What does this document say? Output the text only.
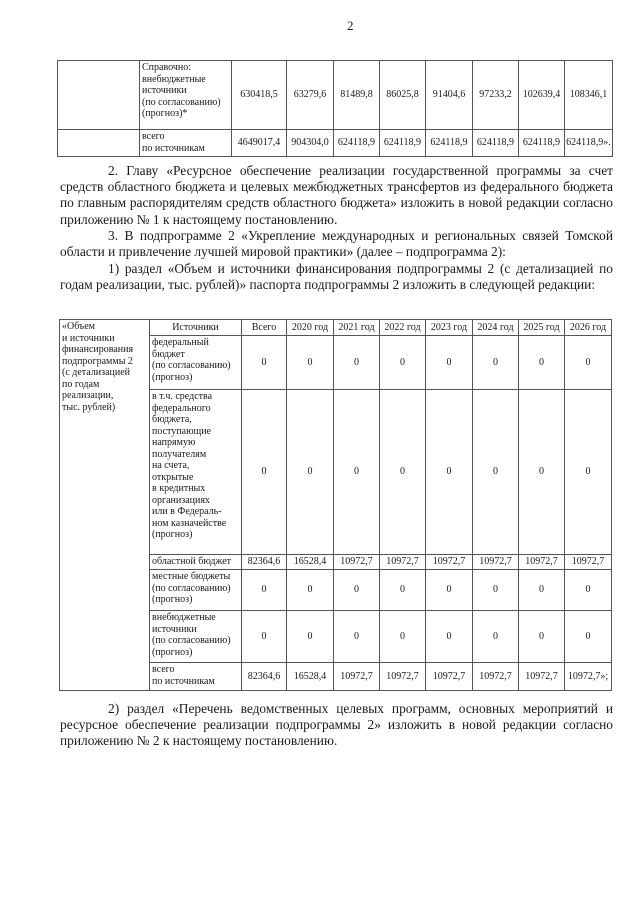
2

	Справочно:
внебюджетные
источники
(по согласованию)
(прогноз)*	630418,5	63279,6	81489,8	86025,8	91404,6	97233,2	102639,4	108346,1

	всего
по источникам	4649017,4	904304,0	624118,9	624118,9	624118,9	624118,9	624118,9	624118,9».
2. Главу «Ресурсное обеспечение реализации государственной программы за счет средств областного бюджета и целевых межбюджетных трансфертов из федерального бюджета по главным распорядителям средств областного бюджета» изложить в новой редакции согласно приложению № 1 к настоящему постановлению.
3. В подпрограмме 2 «Укрепление международных и региональных связей Томской области и привлечение лучшей мировой практики» (далее – подпрограмма 2):
1) раздел «Объем и источники финансирования подпрограммы 2 (с детализацией по годам реализации, тыс. рублей)» паспорта подпрограммы 2 изложить в следующей редакции:
«Объем
и источники
финансирования
подпрограммы 2
(с детализацией
по годам
реализации,
тыс. рублей)
	Источники	Всего	2020 год	2021 год	2022 год	2023 год	2024 год	2025 год	2026 год

	федеральный
бюджет
(по согласованию)
(прогноз)	0	0	0	0	0	0	0	0

в т.ч. средства
федерального
бюджета,
поступающие
напрямую
получателям
на счета,
открытые
в кредитных
организациях
или в Федераль-
ном казначействе
(прогноз)
	0	0	0	0	0	0	0	0

	областной бюджет	82364,6	16528,4	10972,7	10972,7	10972,7	10972,7	10972,7	10972,7

	местные бюджеты
(по согласованию)
(прогноз)	0	0	0	0	0	0	0	0

	внебюджетные
источники
(по согласованию)
(прогноз)	0	0	0	0	0	0	0	0

	всего
по источникам	82364,6	16528,4	10972,7	10972,7	10972,7	10972,7	10972,7	10972,7»;
2) раздел «Перечень ведомственных целевых программ, основных мероприятий и ресурсное обеспечение реализации подпрограммы 2» изложить в новой редакции согласно приложению № 2 к настоящему постановлению.
